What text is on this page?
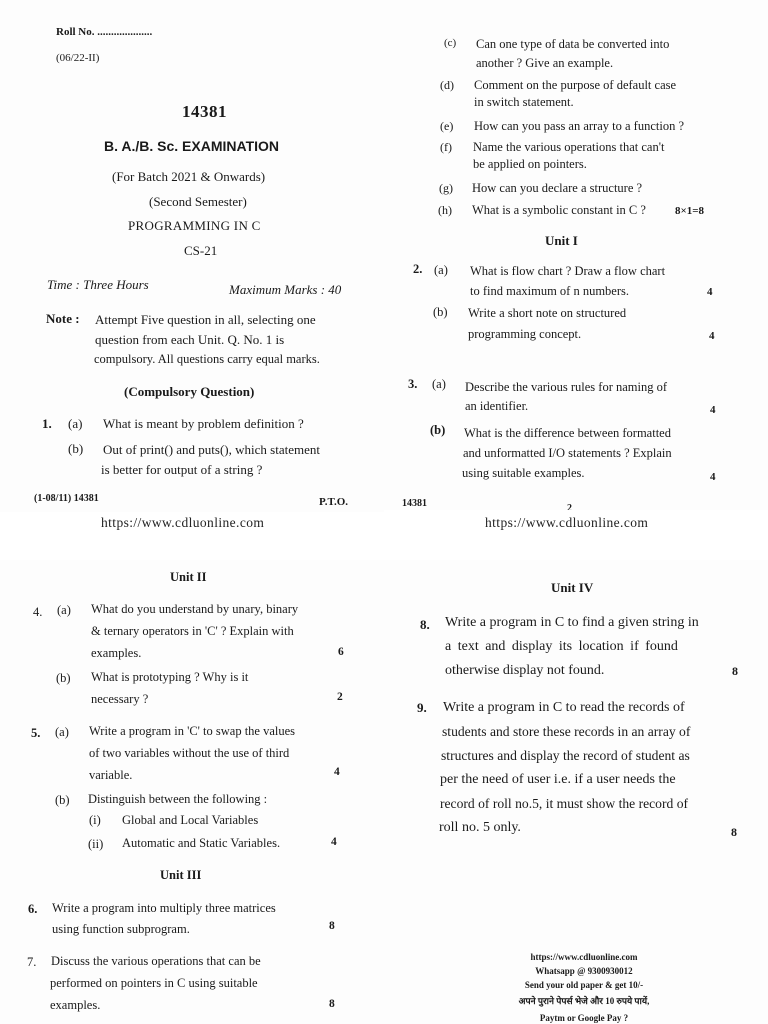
Roll No. ....................
(06/22-II)
14381
B. A./B. Sc. EXAMINATION
(For Batch 2021 & Onwards)
(Second Semester)
PROGRAMMING IN C
CS-21
Time : Three Hours	Maximum Marks : 40
Note : Attempt Five question in all, selecting one
question from each Unit. Q. No. 1 is
compulsory. All questions carry equal marks.
(Compulsory Question)
1. (a) What is meant by problem definition ?
(b) Out of print() and puts(), which statement
is better for output of a string ?
(1-08/11) 14381	P.T.O.
https://www.cdluonline.com
(c) Can one type of data be converted into
another ? Give an example.
(d) Comment on the purpose of default case
in switch statement.
(e) How can you pass an array to a function ?
(f) Name the various operations that can't
be applied on pointers.
(g) How can you declare a structure ?
(h) What is a symbolic constant in C ?	8×1=8
Unit I
2. (a) What is flow chart ? Draw a flow chart
to find maximum of n numbers.	4
(b) Write a short note on structured
programming concept.	4
3. (a) Describe the various rules for naming of
an identifier.	4
(b) What is the difference between formatted
and unformatted I/O statements ? Explain
using suitable examples.	4
14381	2
https://www.cdluonline.com
Unit II
4. (a) What do you understand by unary, binary
& ternary operators in 'C' ? Explain with
examples.	6
(b) What is prototyping ? Why is it
necessary ?	2
5. (a) Write a program in 'C' to swap the values
of two variables without the use of third
variable.	4
(b) Distinguish between the following :
(i) Global and Local Variables
(ii) Automatic and Static Variables.	4
Unit III
6. Write a program into multiply three matrices
using function subprogram.	8
7. Discuss the various operations that can be
performed on pointers in C using suitable
examples.	8
Unit IV
8. Write a program in C to find a given string in
a text and display its location if found
otherwise display not found.	8
9. Write a program in C to read the records of
students and store these records in an array of
structures and display the record of student as
per the need of user i.e. if a user needs the
record of roll no.5, it must show the record of
roll no. 5 only.	8
https://www.cdluonline.com
Whatsapp @ 9300930012
Send your old paper & get 10/-
अपने पुराने पेपर्स भेजे और 10 रुपये पायें,
Paytm or Google Pay ?
